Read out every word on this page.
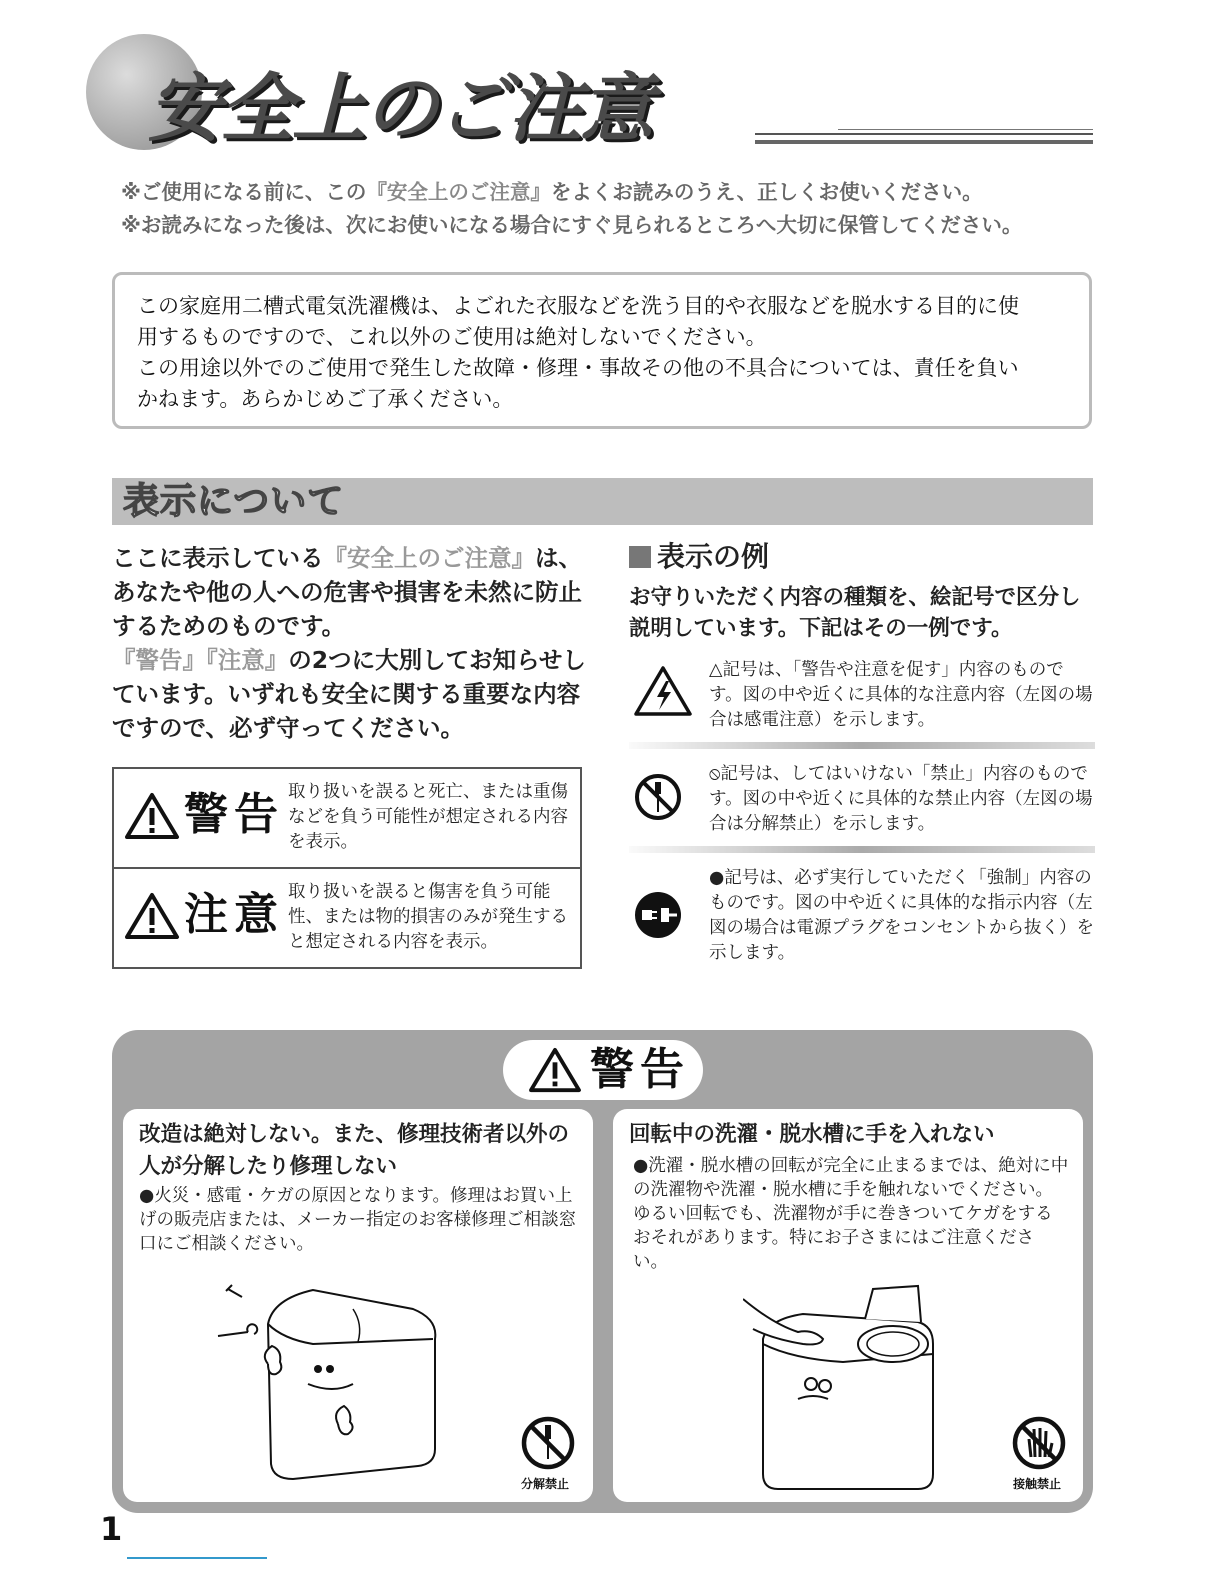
安全上のご注意
※ご使用になる前に、この『安全上のご注意』をよくお読みのうえ、正しくお使いください。
※お読みになった後は、次にお使いになる場合にすぐ見られるところへ大切に保管してください。
この家庭用二槽式電気洗濯機は、よごれた衣服などを洗う目的や衣服などを脱水する目的に使
用するものですので、これ以外のご使用は絶対しないでください。
この用途以外でのご使用で発生した故障・修理・事故その他の不具合については、責任を負い
かねます。あらかじめご了承ください。
表示について
ここに表示している『安全上のご注意』は、あなたや他の人への危害や損害を未然に防止するためのものです。
『警告』『注意』の2つに大別してお知らせしています。いずれも安全に関する重要な内容ですので、必ず守ってください。
警告 取り扱いを誤ると死亡、または重傷などを負う可能性が想定される内容を表示。
注意 取り扱いを誤ると傷害を負う可能性、または物的損害のみが発生すると想定される内容を表示。
表示の例
お守りいただく内容の種類を、絵記号で区分し説明しています。下記はその一例です。
△記号は、「警告や注意を促す」内容のものです。図の中や近くに具体的な注意内容（左図の場合は感電注意）を示します。
⦸記号は、してはいけない「禁止」内容のものです。図の中や近くに具体的な禁止内容（左図の場合は分解禁止）を示します。
●記号は、必ず実行していただく「強制」内容のものです。図の中や近くに具体的な指示内容（左図の場合は電源プラグをコンセントから抜く）を示します。
警告
改造は絶対しない。また、修理技術者以外の人が分解したり修理しない
●火災・感電・ケガの原因となります。修理はお買い上げの販売店または、メーカー指定のお客様修理ご相談窓口にご相談ください。
分解禁止
回転中の洗濯・脱水槽に手を入れない
●洗濯・脱水槽の回転が完全に止まるまでは、絶対に中の洗濯物や洗濯・脱水槽に手を触れないでください。ゆるい回転でも、洗濯物が手に巻きついてケガをするおそれがあります。特にお子さまにはご注意ください。
接触禁止
1
